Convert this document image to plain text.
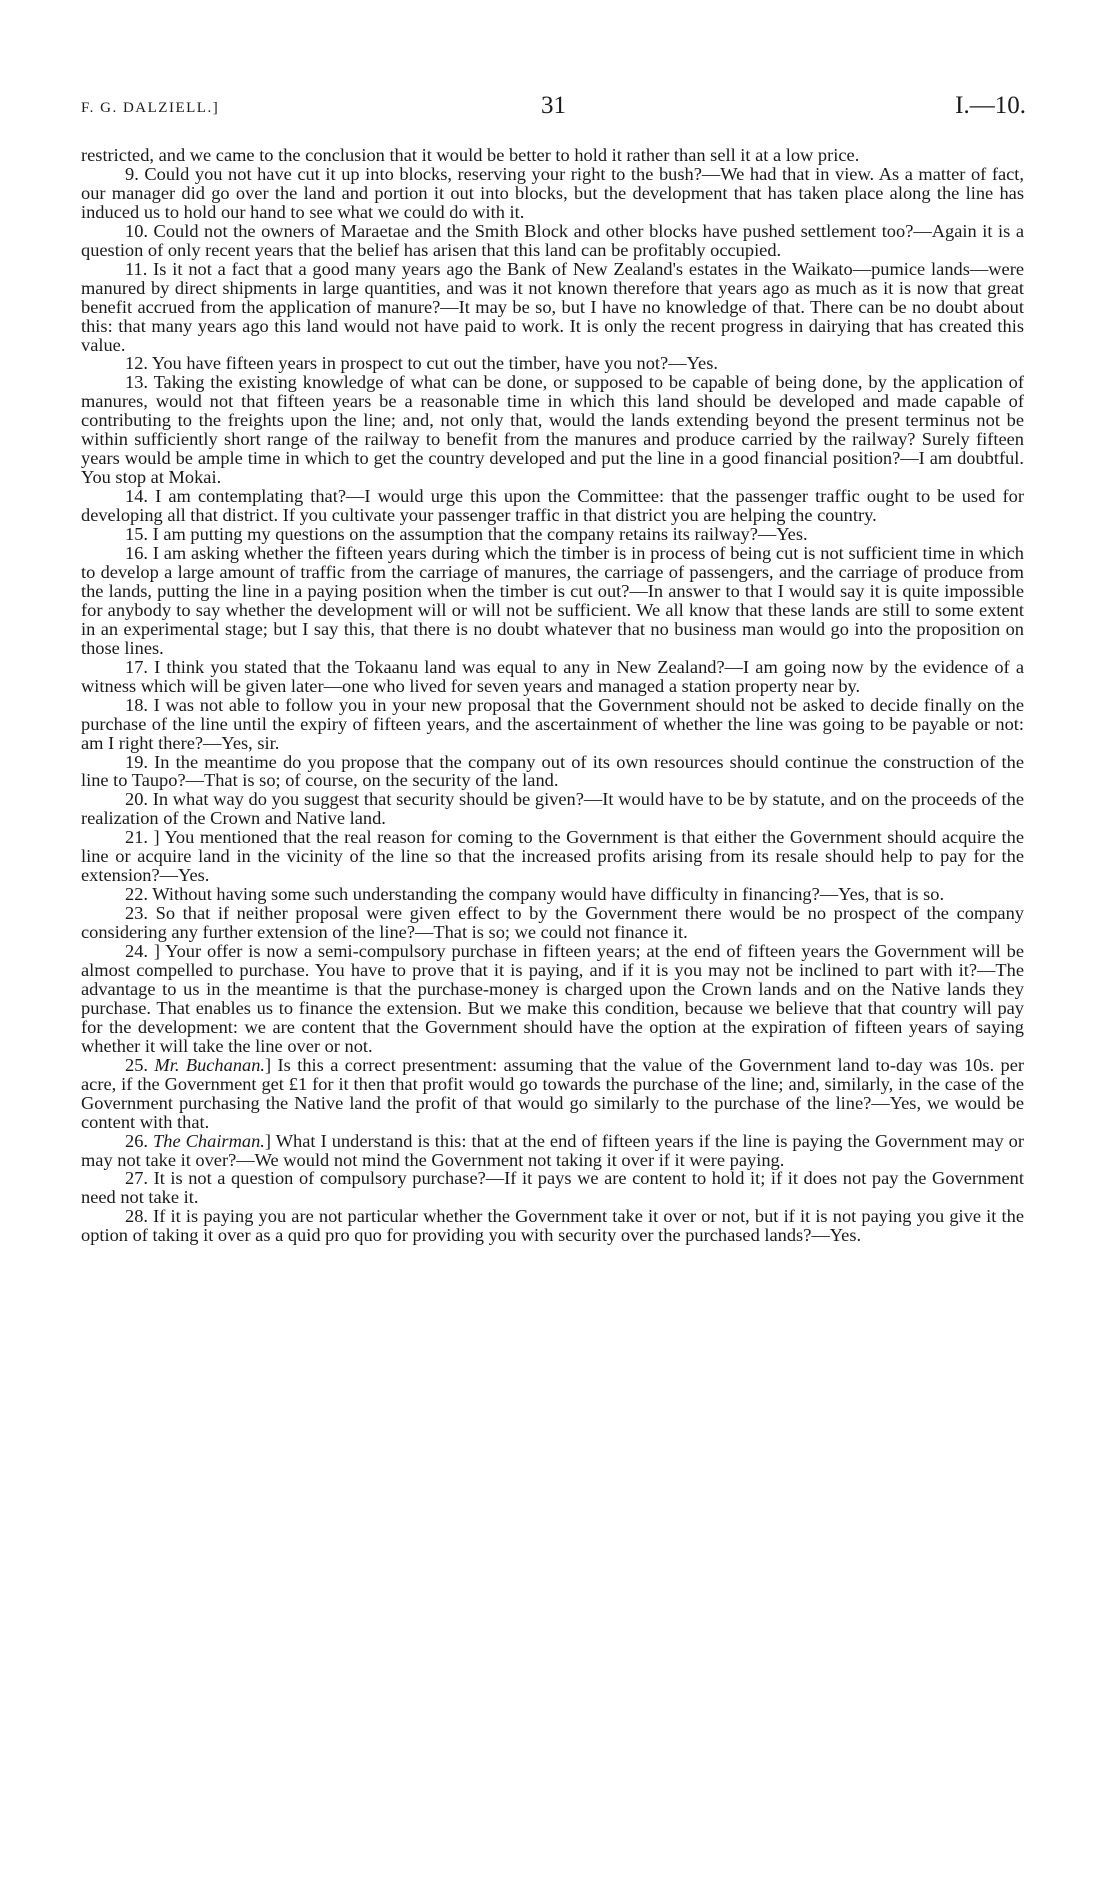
F. G. DALZIELL.]	31	I.—10.

restricted, and we came to the conclusion that it would be better to hold it rather than sell it at a low price.

9. Could you not have cut it up into blocks, reserving your right to the bush?—We had that in view. As a matter of fact, our manager did go over the land and portion it out into blocks, but the development that has taken place along the line has induced us to hold our hand to see what we could do with it.

10. Could not the owners of Maraetae and the Smith Block and other blocks have pushed settlement too?—Again it is a question of only recent years that the belief has arisen that this land can be profitably occupied.

11. Is it not a fact that a good many years ago the Bank of New Zealand's estates in the Waikato—pumice lands—were manured by direct shipments in large quantities, and was it not known therefore that years ago as much as it is now that great benefit accrued from the application of manure?—It may be so, but I have no knowledge of that. There can be no doubt about this: that many years ago this land would not have paid to work. It is only the recent progress in dairying that has created this value.

12. You have fifteen years in prospect to cut out the timber, have you not?—Yes.

13. Taking the existing knowledge of what can be done, or supposed to be capable of being done, by the application of manures, would not that fifteen years be a reasonable time in which this land should be developed and made capable of contributing to the freights upon the line; and, not only that, would the lands extending beyond the present terminus not be within sufficiently short range of the railway to benefit from the manures and produce carried by the railway? Surely fifteen years would be ample time in which to get the country developed and put the line in a good financial position?—I am doubtful. You stop at Mokai.

14. I am contemplating that?—I would urge this upon the Committee: that the passenger traffic ought to be used for developing all that district. If you cultivate your passenger traffic in that district you are helping the country.

15. I am putting my questions on the assumption that the company retains its railway?—Yes.

16. I am asking whether the fifteen years during which the timber is in process of being cut is not sufficient time in which to develop a large amount of traffic from the carriage of manures, the carriage of passengers, and the carriage of produce from the lands, putting the line in a paying position when the timber is cut out?—In answer to that I would say it is quite impossible for anybody to say whether the development will or will not be sufficient. We all know that these lands are still to some extent in an experimental stage; but I say this, that there is no doubt whatever that no business man would go into the proposition on those lines.

17. I think you stated that the Tokaanu land was equal to any in New Zealand?—I am going now by the evidence of a witness which will be given later—one who lived for seven years and managed a station property near by.

18. I was not able to follow you in your new proposal that the Government should not be asked to decide finally on the purchase of the line until the expiry of fifteen years, and the ascertainment of whether the line was going to be payable or not: am I right there?—Yes, sir.

19. In the meantime do you propose that the company out of its own resources should continue the construction of the line to Taupo?—That is so; of course, on the security of the land.

20. In what way do you suggest that security should be given?—It would have to be by statute, and on the proceeds of the realization of the Crown and Native land.

21. ] You mentioned that the real reason for coming to the Government is that either the Government should acquire the line or acquire land in the vicinity of the line so that the increased profits arising from its resale should help to pay for the extension?—Yes.

22. Without having some such understanding the company would have difficulty in financing?—Yes, that is so.

23. So that if neither proposal were given effect to by the Government there would be no prospect of the company considering any further extension of the line?—That is so; we could not finance it.

24. ] Your offer is now a semi-compulsory purchase in fifteen years; at the end of fifteen years the Government will be almost compelled to purchase. You have to prove that it is paying, and if it is you may not be inclined to part with it?—The advantage to us in the meantime is that the purchase-money is charged upon the Crown lands and on the Native lands they purchase. That enables us to finance the extension. But we make this condition, because we believe that that country will pay for the development: we are content that the Government should have the option at the expiration of fifteen years of saying whether it will take the line over or not.

25. Mr. Buchanan.] Is this a correct presentment: assuming that the value of the Government land to-day was 10s. per acre, if the Government get £1 for it then that profit would go towards the purchase of the line; and, similarly, in the case of the Government purchasing the Native land the profit of that would go similarly to the purchase of the line?—Yes, we would be content with that.

26. The Chairman.] What I understand is this: that at the end of fifteen years if the line is paying the Government may or may not take it over?—We would not mind the Government not taking it over if it were paying.

27. It is not a question of compulsory purchase?—If it pays we are content to hold it; if it does not pay the Government need not take it.

28. If it is paying you are not particular whether the Government take it over or not, but if it is not paying you give it the option of taking it over as a quid pro quo for providing you with security over the purchased lands?—Yes.
